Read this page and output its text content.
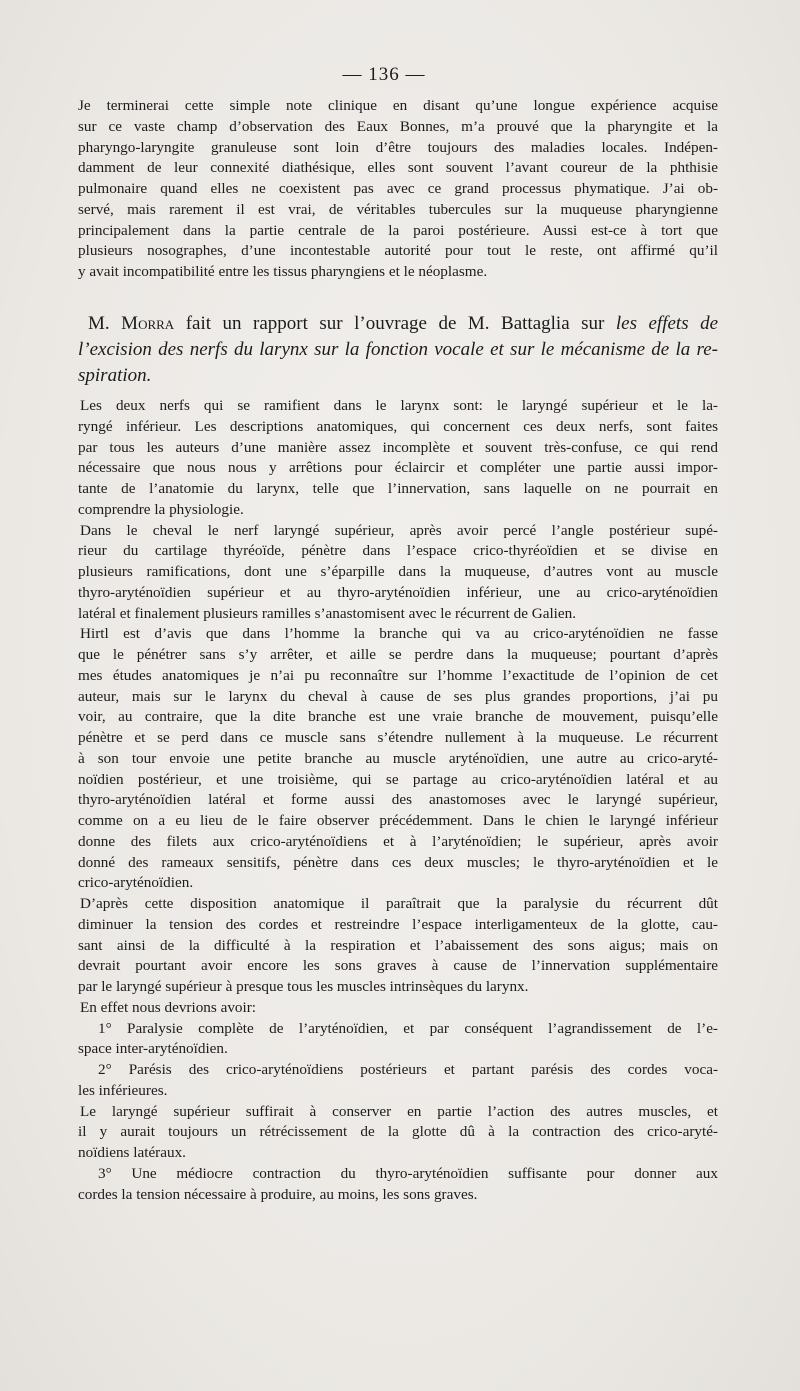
— 136 —
Je terminerai cette simple note clinique en disant qu’une longue expérience acquise
sur ce vaste champ d’observation des Eaux Bonnes, m’a prouvé que la pharyngite et la
pharyngo-laryngite granuleuse sont loin d’être toujours des maladies locales. Indépen-
damment de leur connexité diathésique, elles sont souvent l’avant coureur de la phthisie
pulmonaire quand elles ne coexistent pas avec ce grand processus phymatique. J’ai ob-
servé, mais rarement il est vrai, de véritables tubercules sur la muqueuse pharyngienne
principalement dans la partie centrale de la paroi postérieure. Aussi est-ce à tort que
plusieurs nosographes, d’une incontestable autorité pour tout le reste, ont affirmé qu’il
y avait incompatibilité entre les tissus pharyngiens et le néoplasme.
M. Morra fait un rapport sur l’ouvrage de M. Battaglia sur les effets de
l’excision des nerfs du larynx sur la fonction vocale et sur le mécanisme de la re-
spiration.
Les deux nerfs qui se ramifient dans le larynx sont: le laryngé supérieur et le la-
ryngé inférieur. Les descriptions anatomiques, qui concernent ces deux nerfs, sont faites
par tous les auteurs d’une manière assez incomplète et souvent très-confuse, ce qui rend
nécessaire que nous nous y arrêtions pour éclaircir et compléter une partie aussi impor-
tante de l’anatomie du larynx, telle que l’innervation, sans laquelle on ne pourrait en
comprendre la physiologie.
Dans le cheval le nerf laryngé supérieur, après avoir percé l’angle postérieur supé-
rieur du cartilage thyréoïde, pénètre dans l’espace crico-thyréoïdien et se divise en
plusieurs ramifications, dont une s’éparpille dans la muqueuse, d’autres vont au muscle
thyro-aryténoïdien supérieur et au thyro-aryténoïdien inférieur, une au crico-aryténoïdien
latéral et finalement plusieurs ramilles s’anastomisent avec le récurrent de Galien.
Hirtl est d’avis que dans l’homme la branche qui va au crico-aryténoïdien ne fasse
que le pénétrer sans s’y arrêter, et aille se perdre dans la muqueuse; pourtant d’après
mes études anatomiques je n’ai pu reconnaître sur l’homme l’exactitude de l’opinion de cet
auteur, mais sur le larynx du cheval à cause de ses plus grandes proportions, j’ai pu
voir, au contraire, que la dite branche est une vraie branche de mouvement, puisqu’elle
pénètre et se perd dans ce muscle sans s’étendre nullement à la muqueuse. Le récurrent
à son tour envoie une petite branche au muscle aryténoïdien, une autre au crico-aryté-
noïdien postérieur, et une troisième, qui se partage au crico-aryténoïdien latéral et au
thyro-aryténoïdien latéral et forme aussi des anastomoses avec le laryngé supérieur,
comme on a eu lieu de le faire observer précédemment. Dans le chien le laryngé inférieur
donne des filets aux crico-aryténoïdiens et à l’aryténoïdien; le supérieur, après avoir
donné des rameaux sensitifs, pénètre dans ces deux muscles; le thyro-aryténoïdien et le
crico-aryténoïdien.
D’après cette disposition anatomique il paraîtrait que la paralysie du récurrent dût
diminuer la tension des cordes et restreindre l’espace interligamenteux de la glotte, cau-
sant ainsi de la difficulté à la respiration et l’abaissement des sons aigus; mais on
devrait pourtant avoir encore les sons graves à cause de l’innervation supplémentaire
par le laryngé supérieur à presque tous les muscles intrinsèques du larynx.
En effet nous devrions avoir:
1° Paralysie complète de l’aryténoïdien, et par conséquent l’agrandissement de l’e-
space inter-aryténoïdien.
2° Parésis des crico-aryténoïdiens postérieurs et partant parésis des cordes voca-
les inférieures.
Le laryngé supérieur suffirait à conserver en partie l’action des autres muscles, et
il y aurait toujours un rétrécissement de la glotte dû à la contraction des crico-aryté-
noïdiens latéraux.
3° Une médiocre contraction du thyro-aryténoïdien suffisante pour donner aux
cordes la tension nécessaire à produire, au moins, les sons graves.
